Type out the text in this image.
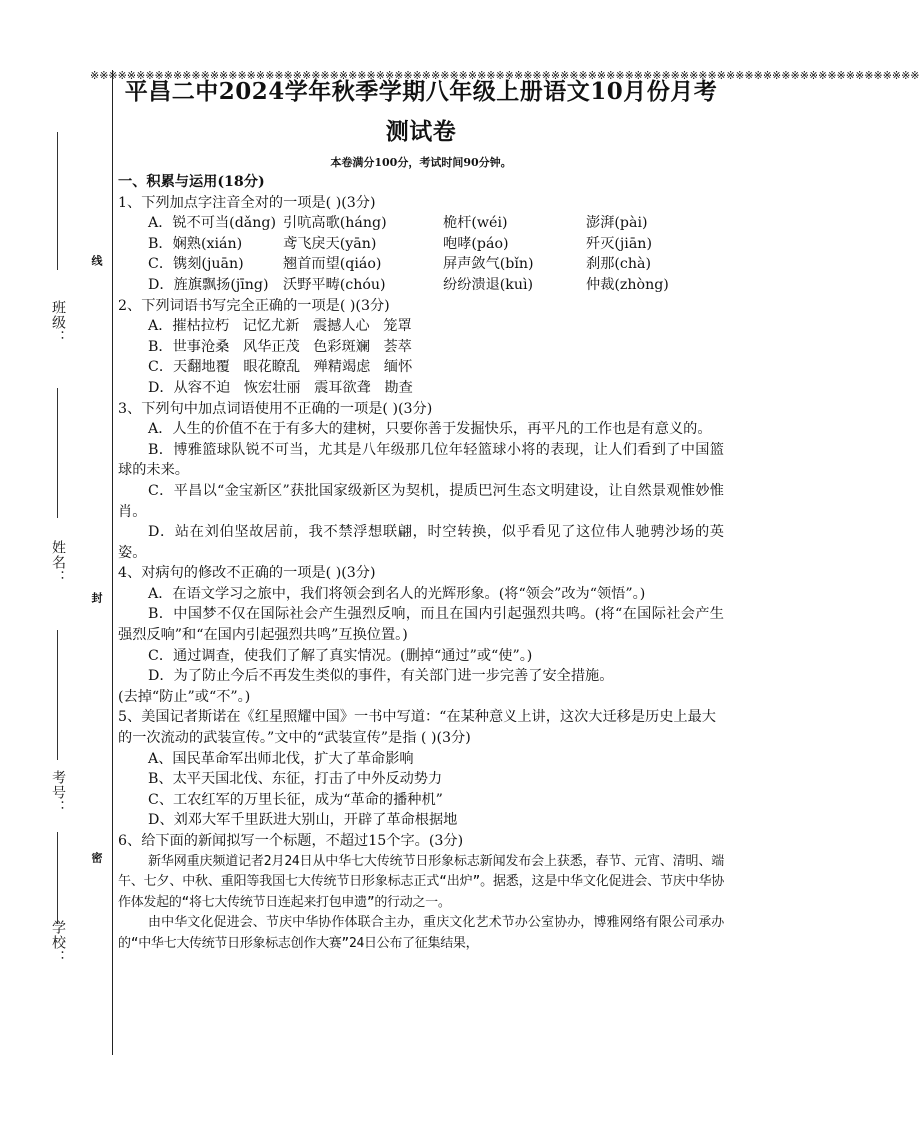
班级：
姓名：
考号：
学校：
※※※※※※※※※※※※※※※※※※※※※※※※※※※※※※※※※※※※※※※※※※※※※※※※※※※※※※※※※※※※※※※※※※※※※※※※※※※※※※※※※※※※※※※※※※
线
封
密
平昌二中2024学年秋季学期八年级上册语文10月份月考
测试卷
本卷满分100分，考试时间90分钟。
一、积累与运用(18分)
1、下列加点字注音全对的一项是( )(3分)
A．锐不可当(dǎng) 引吭高歌(háng)	桅杆(wéi)	澎湃(pài)
B．娴熟(xián)	鸢飞戾天(yān)	咆哮(páo)	歼灭(jiān)
C．镌刻(juān)	翘首而望(qiáo)	屏声敛气(bǐn)	刹那(chà)
D．旌旗飘扬(jīng)	沃野平畴(chóu)	纷纷溃退(kuì)	仲裁(zhòng)
2、下列词语书写完全正确的一项是( )(3分)
A．摧枯拉朽   记忆尤新   震撼人心   笼罩
B．世事沧桑   风华正茂   色彩斑斓   荟萃
C．天翻地覆   眼花瞭乱   殚精竭虑   缅怀
D．从容不迫   恢宏壮丽   震耳欲聋   勘查
3、下列句中加点词语使用不正确的一项是( )(3分)
A．人生的价值不在于有多大的建树，只要你善于发掘快乐，再平凡的工作也是有意义的。
B．博雅篮球队锐不可当，尤其是八年级那几位年轻篮球小将的表现，让人们看到了中国篮球的未来。
C．平昌以“金宝新区”获批国家级新区为契机，提质巴河生态文明建设，让自然景观惟妙惟肖。
D．站在刘伯坚故居前，我不禁浮想联翩，时空转换，似乎看见了这位伟人驰骋沙场的英姿。
4、对病句的修改不正确的一项是( )(3分)
A．在语文学习之旅中，我们将领会到名人的光辉形象。(将“领会”改为“领悟”。)
B．中国梦不仅在国际社会产生强烈反响，而且在国内引起强烈共鸣。(将“在国际社会产生强烈反响”和“在国内引起强烈共鸣”互换位置。)
C．通过调查，使我们了解了真实情况。(删掉“通过”或“使”。)
D．为了防止今后不再发生类似的事件，有关部门进一步完善了安全措施。
(去掉“防止”或“不”。)
5、美国记者斯诺在《红星照耀中国》一书中写道：“在某种意义上讲，这次大迁移是历史上最大的一次流动的武装宣传。”文中的“武装宣传”是指 ( )(3分)
A、国民革命军出师北伐，扩大了革命影响
B、太平天国北伐、东征，打击了中外反动势力
C、工农红军的万里长征，成为“革命的播种机”
D、刘邓大军千里跃进大别山，开辟了革命根据地
6、给下面的新闻拟写一个标题，不超过15个字。(3分)
新华网重庆频道记者2月24日从中华七大传统节日形象标志新闻发布会上获悉，春节、元宵、清明、端午、七夕、中秋、重阳等我国七大传统节日形象标志正式“出炉”。据悉，这是中华文化促进会、节庆中华协作体发起的“将七大传统节日连起来打包申遗”的行动之一。
由中华文化促进会、节庆中华协作体联合主办，重庆文化艺术节办公室协办，博雅网络有限公司承办的“中华七大传统节日形象标志创作大赛”24日公布了征集结果，
